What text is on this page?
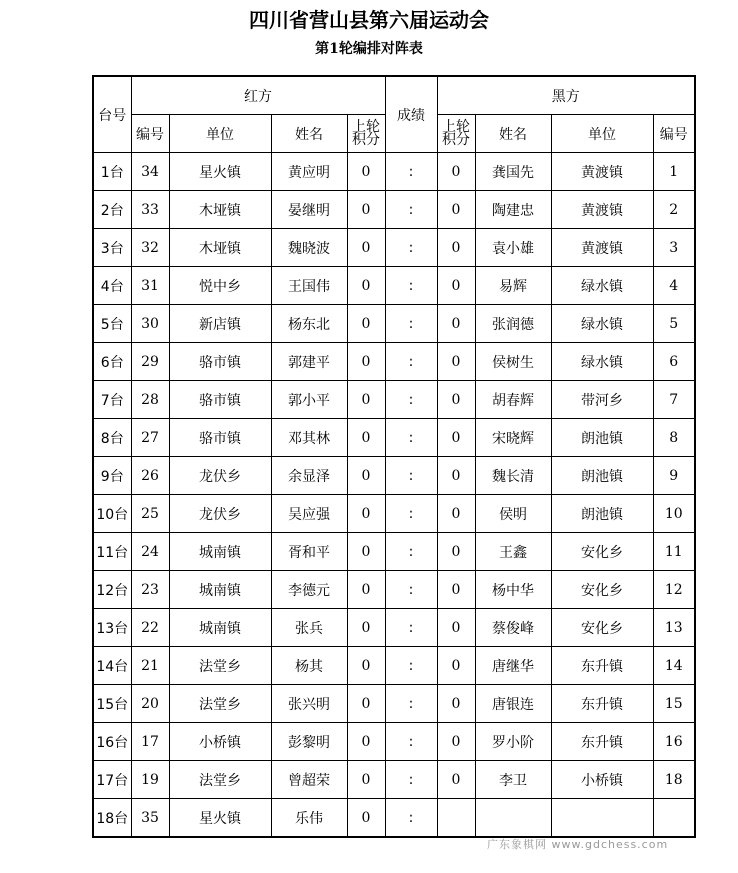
四川省营山县第六届运动会
第1轮编排对阵表
台号	红方				成绩	黑方			
	编号	单位	姓名	上轮积分		上轮积分	姓名	单位	编号
1台	34	星火镇	黄应明	0	:	0	龚国先	黄渡镇	1
2台	33	木垭镇	晏继明	0	:	0	陶建忠	黄渡镇	2
3台	32	木垭镇	魏晓波	0	:	0	袁小雄	黄渡镇	3
4台	31	悦中乡	王国伟	0	:	0	易辉	绿水镇	4
5台	30	新店镇	杨东北	0	:	0	张润德	绿水镇	5
6台	29	骆市镇	郭建平	0	:	0	侯树生	绿水镇	6
7台	28	骆市镇	郭小平	0	:	0	胡春辉	带河乡	7
8台	27	骆市镇	邓其林	0	:	0	宋晓辉	朗池镇	8
9台	26	龙伏乡	余显泽	0	:	0	魏长清	朗池镇	9
10台	25	龙伏乡	吴应强	0	:	0	侯明	朗池镇	10
11台	24	城南镇	胥和平	0	:	0	王鑫	安化乡	11
12台	23	城南镇	李德元	0	:	0	杨中华	安化乡	12
13台	22	城南镇	张兵	0	:	0	蔡俊峰	安化乡	13
14台	21	法堂乡	杨其	0	:	0	唐继华	东升镇	14
15台	20	法堂乡	张兴明	0	:	0	唐银连	东升镇	15
16台	17	小桥镇	彭黎明	0	:	0	罗小阶	东升镇	16
17台	19	法堂乡	曾超荣	0	:	0	李卫	小桥镇	18
18台	35	星火镇	乐伟	0	:				
广东象棋网 www.gdchess.com
